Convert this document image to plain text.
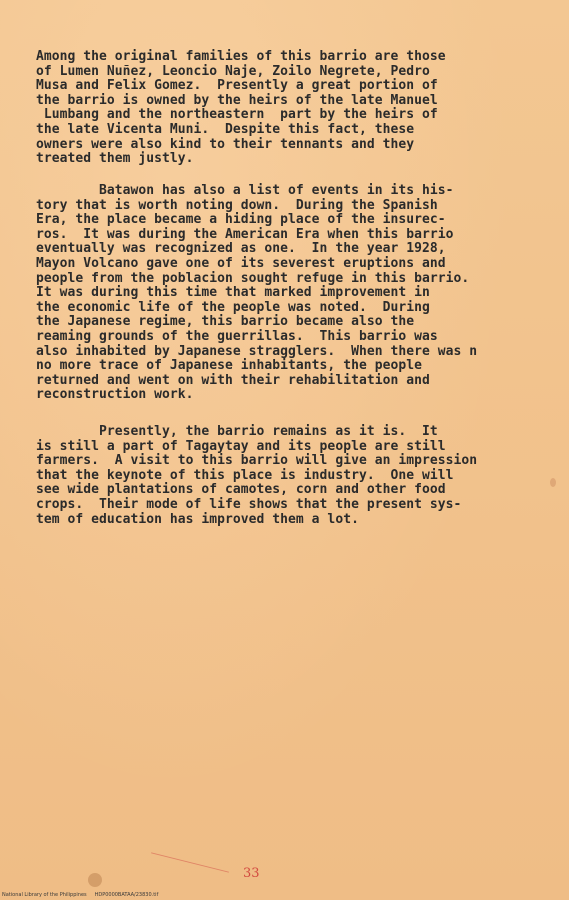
Among the original families of this barrio are those
of Lumen Nuñez, Leoncio Naje, Zoilo Negrete, Pedro
Musa and Felix Gomez.  Presently a great portion of
the barrio is owned by the heirs of the late Manuel
Lumbang and the northeastern  part by the heirs of
the late Vicenta Muni.  Despite this fact, these
owners were also kind to their tennants and they
treated them justly.
Batawon has also a list of events in its his-
tory that is worth noting down.  During the Spanish
Era, the place became a hiding place of the insurec-
ros.  It was during the American Era when this barrio
eventually was recognized as one.  In the year 1928,
Mayon Volcano gave one of its severest eruptions and
people from the poblacion sought refuge in this barrio.
It was during this time that marked improvement in
the economic life of the people was noted.  During
the Japanese regime, this barrio became also the
reaming grounds of the guerrillas.  This barrio was
also inhabited by Japanese stragglers.  When there was n
no more trace of Japanese inhabitants, the people
returned and went on with their rehabilitation and
reconstruction work.
Presently, the barrio remains as it is.  It
is still a part of Tagaytay and its people are still
farmers.  A visit to this barrio will give an impression
that the keynote of this place is industry.  One will
see wide plantations of camotes, corn and other food
crops.  Their mode of life shows that the present sys-
tem of education has improved them a lot.
33
National Library of the Philippines     HDP0000BATAA/23830.tif
